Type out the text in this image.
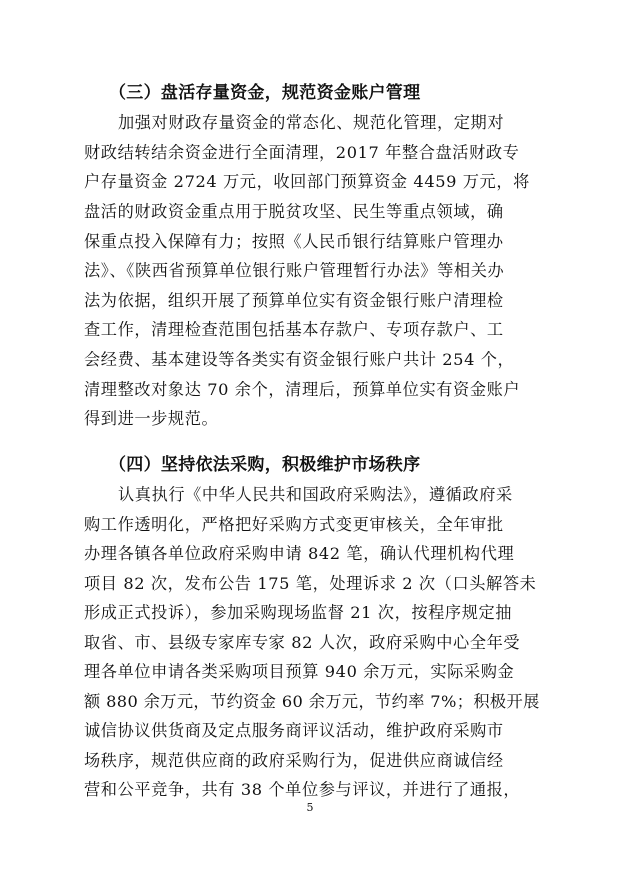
（三）盘活存量资金，规范资金账户管理
加强对财政存量资金的常态化、规范化管理，定期对
财政结转结余资金进行全面清理，2017 年整合盘活财政专
户存量资金 2724 万元，收回部门预算资金 4459 万元，将
盘活的财政资金重点用于脱贫攻坚、民生等重点领域，确
保重点投入保障有力；按照《人民币银行结算账户管理办
法》、《陕西省预算单位银行账户管理暂行办法》等相关办
法为依据，组织开展了预算单位实有资金银行账户清理检
查工作，清理检查范围包括基本存款户、专项存款户、工
会经费、基本建设等各类实有资金银行账户共计 254 个，
清理整改对象达 70 余个，清理后，预算单位实有资金账户
得到进一步规范。
（四）坚持依法采购，积极维护市场秩序
认真执行《中华人民共和国政府采购法》，遵循政府采
购工作透明化，严格把好采购方式变更审核关，全年审批
办理各镇各单位政府采购申请 842 笔，确认代理机构代理
项目 82 次，发布公告 175 笔，处理诉求 2 次（口头解答未
形成正式投诉），参加采购现场监督 21 次，按程序规定抽
取省、市、县级专家库专家 82 人次，政府采购中心全年受
理各单位申请各类采购项目预算 940 余万元，实际采购金
额 880 余万元，节约资金 60 余万元，节约率 7%；积极开展
诚信协议供货商及定点服务商评议活动，维护政府采购市
场秩序，规范供应商的政府采购行为，促进供应商诚信经
营和公平竞争，共有 38 个单位参与评议，并进行了通报，
5
